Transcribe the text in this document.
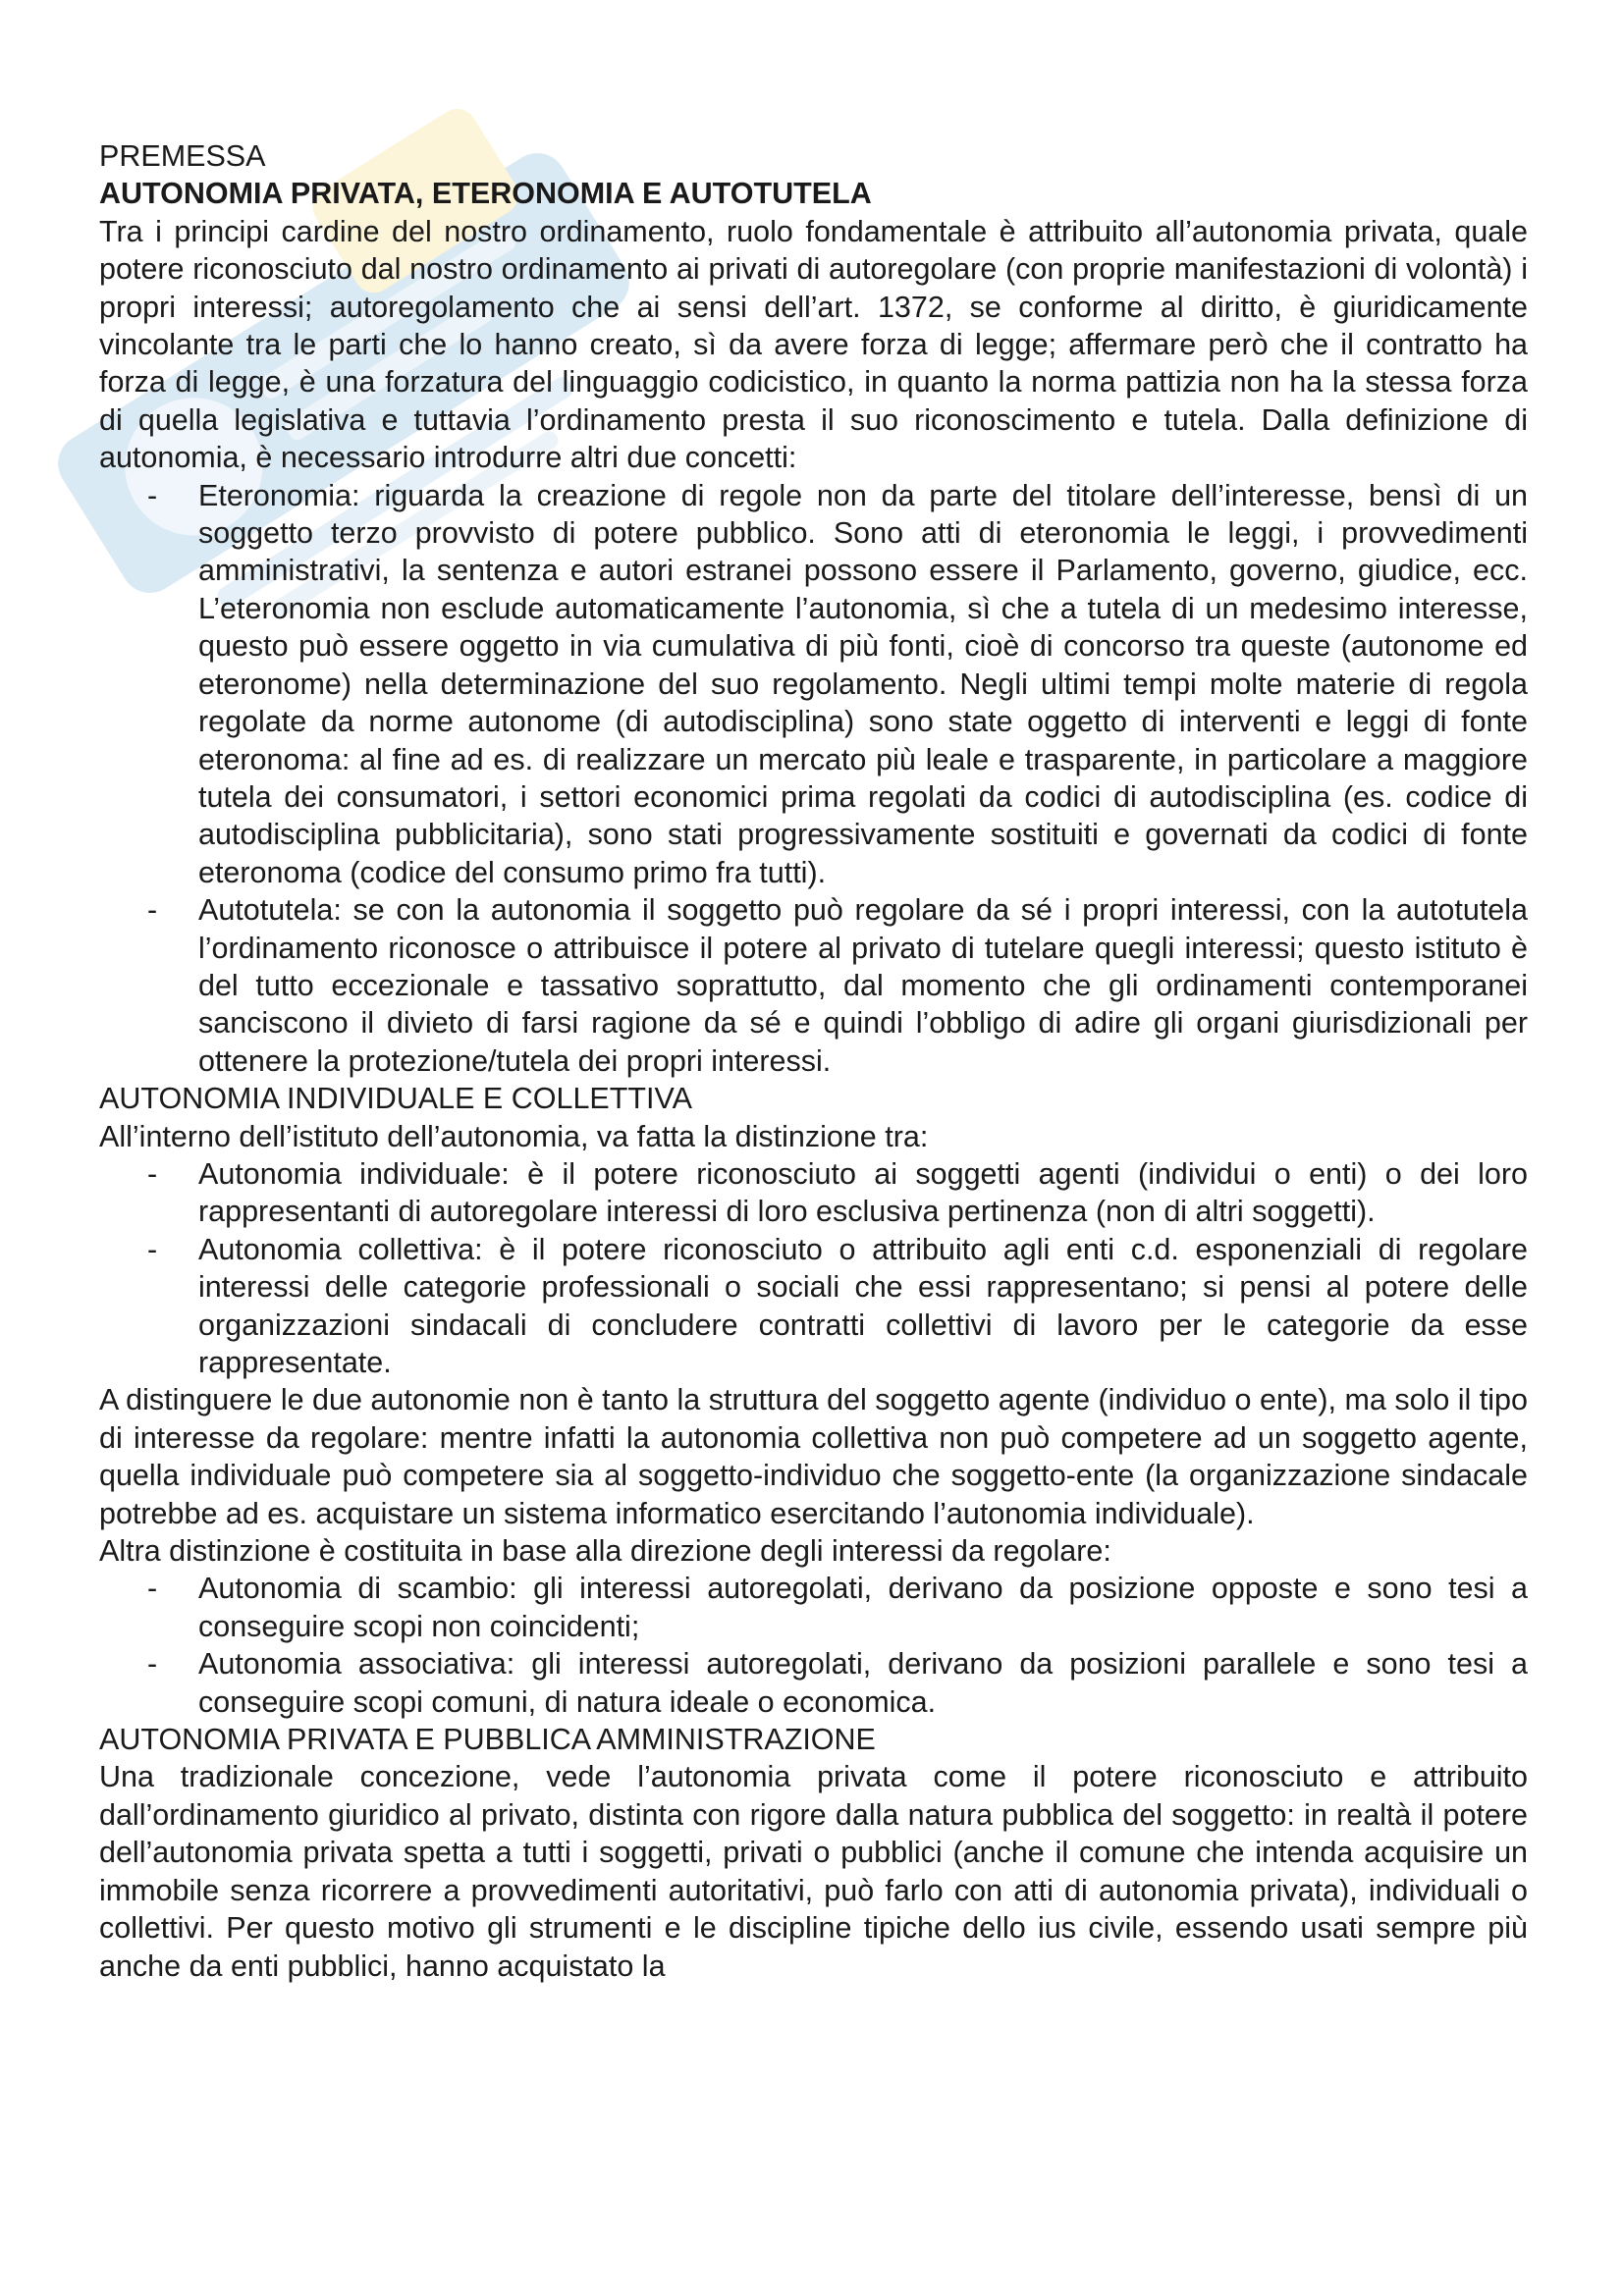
PREMESSA
AUTONOMIA PRIVATA, ETERONOMIA E AUTOTUTELA

Tra i principi cardine del nostro ordinamento, ruolo fondamentale è attribuito all’autonomia privata, quale potere riconosciuto dal nostro ordinamento ai privati di autoregolare (con proprie manifestazioni di volontà) i propri interessi; autoregolamento che ai sensi dell’art. 1372, se conforme al diritto, è giuridicamente vincolante tra le parti che lo hanno creato, sì da avere forza di legge; affermare però che il contratto ha forza di legge, è una forzatura del linguaggio codicistico, in quanto la norma pattizia non ha la stessa forza di quella legislativa e tuttavia l’ordinamento presta il suo riconoscimento e tutela. Dalla definizione di autonomia, è necessario introdurre altri due concetti:

- Eteronomia: riguarda la creazione di regole non da parte del titolare dell’interesse, bensì di un soggetto terzo provvisto di potere pubblico. Sono atti di eteronomia le leggi, i provvedimenti amministrativi, la sentenza e autori estranei possono essere il Parlamento, governo, giudice, ecc. L’eteronomia non esclude automaticamente l’autonomia, sì che a tutela di un medesimo interesse, questo può essere oggetto in via cumulativa di più fonti, cioè di concorso tra queste (autonome ed eteronome) nella determinazione del suo regolamento. Negli ultimi tempi molte materie di regola regolate da norme autonome (di autodisciplina) sono state oggetto di interventi e leggi di fonte eteronoma: al fine ad es. di realizzare un mercato più leale e trasparente, in particolare a maggiore tutela dei consumatori, i settori economici prima regolati da codici di autodisciplina (es. codice di autodisciplina pubblicitaria), sono stati progressivamente sostituiti e governati da codici di fonte eteronoma (codice del consumo primo fra tutti).
- Autotutela: se con la autonomia il soggetto può regolare da sé i propri interessi, con la autotutela l’ordinamento riconosce o attribuisce il potere al privato di tutelare quegli interessi; questo istituto è del tutto eccezionale e tassativo soprattutto, dal momento che gli ordinamenti contemporanei sanciscono il divieto di farsi ragione da sé e quindi l’obbligo di adire gli organi giurisdizionali per ottenere la protezione/tutela dei propri interessi.
AUTONOMIA INDIVIDUALE E COLLETTIVA

All’interno dell’istituto dell’autonomia, va fatta la distinzione tra:

- Autonomia individuale: è il potere riconosciuto ai soggetti agenti (individui o enti) o dei loro rappresentanti di autoregolare interessi di loro esclusiva pertinenza (non di altri soggetti).
- Autonomia collettiva: è il potere riconosciuto o attribuito agli enti c.d. esponenziali di regolare interessi delle categorie professionali o sociali che essi rappresentano; si pensi al potere delle organizzazioni sindacali di concludere contratti collettivi di lavoro per le categorie da esse rappresentate.

A distinguere le due autonomie non è tanto la struttura del soggetto agente (individuo o ente), ma solo il tipo di interesse da regolare: mentre infatti la autonomia collettiva non può competere ad un soggetto agente, quella individuale può competere sia al soggetto-individuo che soggetto-ente (la organizzazione sindacale potrebbe ad es. acquistare un sistema informatico esercitando l’autonomia individuale).

Altra distinzione è costituita in base alla direzione degli interessi da regolare:

- Autonomia di scambio: gli interessi autoregolati, derivano da posizione opposte e sono tesi a conseguire scopi non coincidenti;
- Autonomia associativa: gli interessi autoregolati, derivano da posizioni parallele e sono tesi a conseguire scopi comuni, di natura ideale o economica.
AUTONOMIA PRIVATA E PUBBLICA AMMINISTRAZIONE

Una tradizionale concezione, vede l’autonomia privata come il potere riconosciuto e attribuito dall’ordinamento giuridico al privato, distinta con rigore dalla natura pubblica del soggetto: in realtà il potere dell’autonomia privata spetta a tutti i soggetti, privati o pubblici (anche il comune che intenda acquisire un immobile senza ricorrere a provvedimenti autoritativi, può farlo con atti di autonomia privata), individuali o collettivi. Per questo motivo gli strumenti e le discipline tipiche dello ius civile, essendo usati sempre più anche da enti pubblici, hanno acquistato la
